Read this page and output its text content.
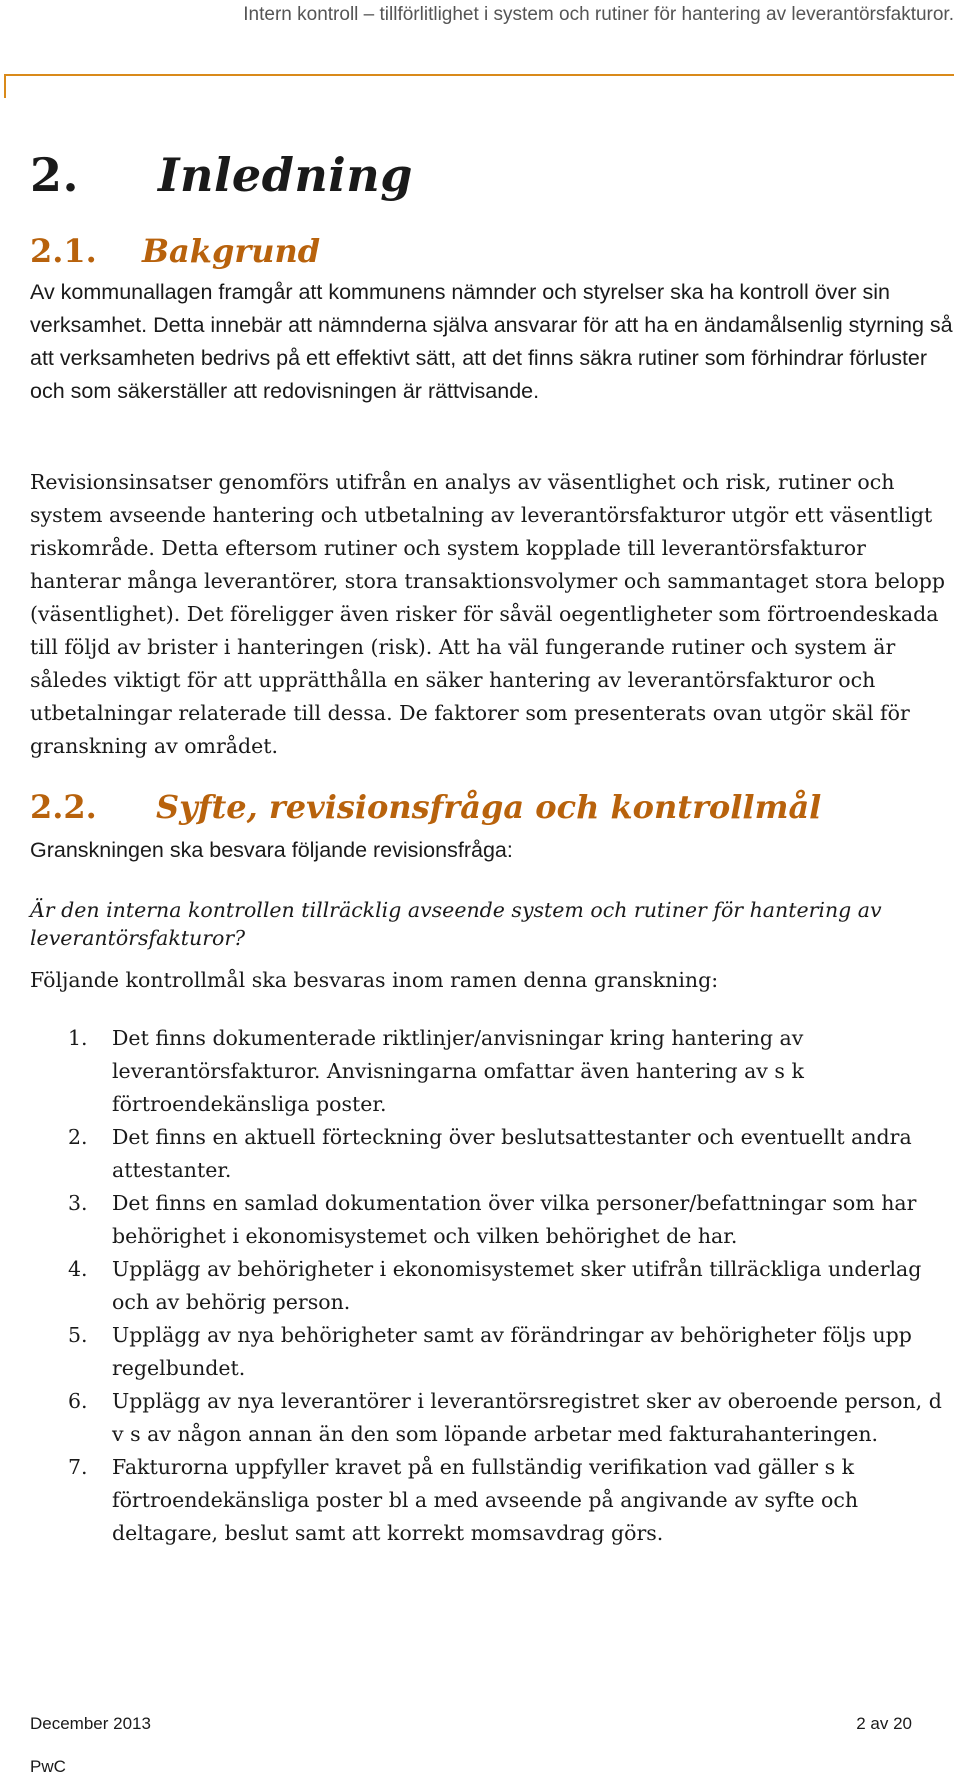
Intern kontroll – tillförlitlighet i system och rutiner för hantering av leverantörsfakturor.
2. Inledning
2.1. Bakgrund

Av kommunallagen framgår att kommunens nämnder och styrelser ska ha kontroll över sin verksamhet. Detta innebär att nämnderna själva ansvarar för att ha en ändamålsenlig styrning så att verksamheten bedrivs på ett effektivt sätt, att det finns säkra rutiner som förhindrar förluster och som säkerställer att redovisningen är rättvisande.

Revisionsinsatser genomförs utifrån en analys av väsentlighet och risk, rutiner och system avseende hantering och utbetalning av leverantörsfakturor utgör ett väsentligt riskområde. Detta eftersom rutiner och system kopplade till leverantörsfakturor hanterar många leverantörer, stora transaktionsvolymer och sammantaget stora belopp (väsentlighet). Det föreligger även risker för såväl oegentligheter som förtroendeskada till följd av brister i hanteringen (risk). Att ha väl fungerande rutiner och system är således viktigt för att upprätthålla en säker hantering av leverantörsfakturor och utbetalningar relaterade till dessa. De faktorer som presenterats ovan utgör skäl för granskning av området.

2.2. Syfte, revisionsfråga och kontrollmål

Granskningen ska besvara följande revisionsfråga:

Är den interna kontrollen tillräcklig avseende system och rutiner för hantering av leverantörsfakturor?

Följande kontrollmål ska besvaras inom ramen denna granskning:

1. Det finns dokumenterade riktlinjer/anvisningar kring hantering av leverantörsfakturor. Anvisningarna omfattar även hantering av s k förtroendekänsliga poster.
2. Det finns en aktuell förteckning över beslutsattestanter och eventuellt andra attestanter.
3. Det finns en samlad dokumentation över vilka personer/befattningar som har behörighet i ekonomisystemet och vilken behörighet de har.
4. Upplägg av behörigheter i ekonomisystemet sker utifrån tillräckliga underlag och av behörig person.
5. Upplägg av nya behörigheter samt av förändringar av behörigheter följs upp regelbundet.
6. Upplägg av nya leverantörer i leverantörsregistret sker av oberoende person, d v s av någon annan än den som löpande arbetar med fakturahanteringen.
7. Fakturorna uppfyller kravet på en fullständig verifikation vad gäller s k förtroendekänsliga poster bl a med avseende på angivande av syfte och deltagare, beslut samt att korrekt momsavdrag görs.
December 2013	2 av 20
PwC
